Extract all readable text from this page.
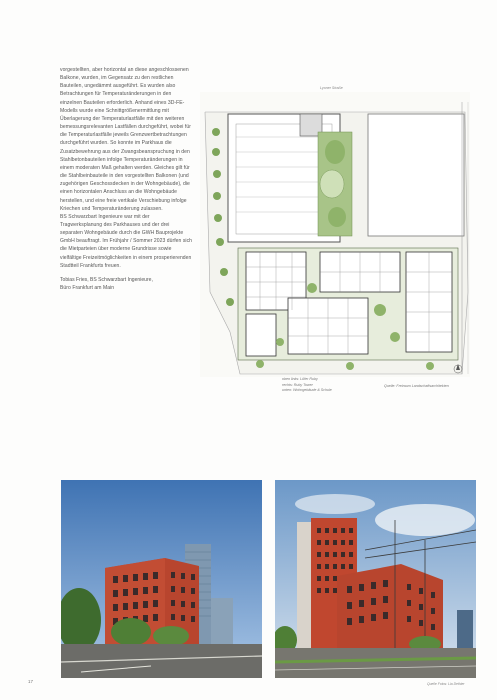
vorgestellten, aber horizontal an diese angeschlossenen Balkone, wurden, im Gegensatz zu den restlichen Bauteilen, ungedämmt ausgeführt. Es wurden also Betrachtungen für Temperaturänderungen in den einzelnen Bauteilen erforderlich. Anhand eines 3D-FE-Modells wurde eine Schnittgrößenermittlung mit Überlagerung der Temperaturlastfälle mit den weiteren bemessungsrelevanten Lastfällen durchgeführt, wobei für die Temperaturlastfälle jeweils Grenzwertbetrachtungen durchgeführt wurden. So konnte im Parkhaus die Zusatzbewehrung aus der Zwangsbeanspruchung in den Stahlbetonbauteilen infolge Temperaturänderungen in einem moderaten Maß gehalten werden. Gleiches gilt für die Stahlbeinbauteile in den vorgestellten Balkonen (und zugehörigen Geschossdecken in der Wohngebäude), die einen horizontalen Anschluss an die Wohngebäude herstellen, und eine freie vertikale Verschiebung infolge Kriechen und Temperaturänderung zulassen.

BS Schwarzbart Ingenieure war mit der Tragwerksplanung des Parkhauses und der drei separaten Wohngebäude durch die GWH Bauprojekte GmbH beauftragt. Im Frühjahr / Sommer 2023 dürfen sich die Mietparteien über moderne Grundrisse sowie vielfältige Freizeitmöglichkeiten in einem prosperierenden Stadtteil Frankfurts freuen.

Tobias Fries, BS Schwarzbart Ingenieure,

Büro Frankfurt am Main

Lyoner Straße
oben links: Lüfer Ruby
rechts: Ruby Tower
unten: Wohngebäude & Schule
Quelle: Freiraum Landschaftsarchitekten
17	Quelle Fotos: Lia Dethier
